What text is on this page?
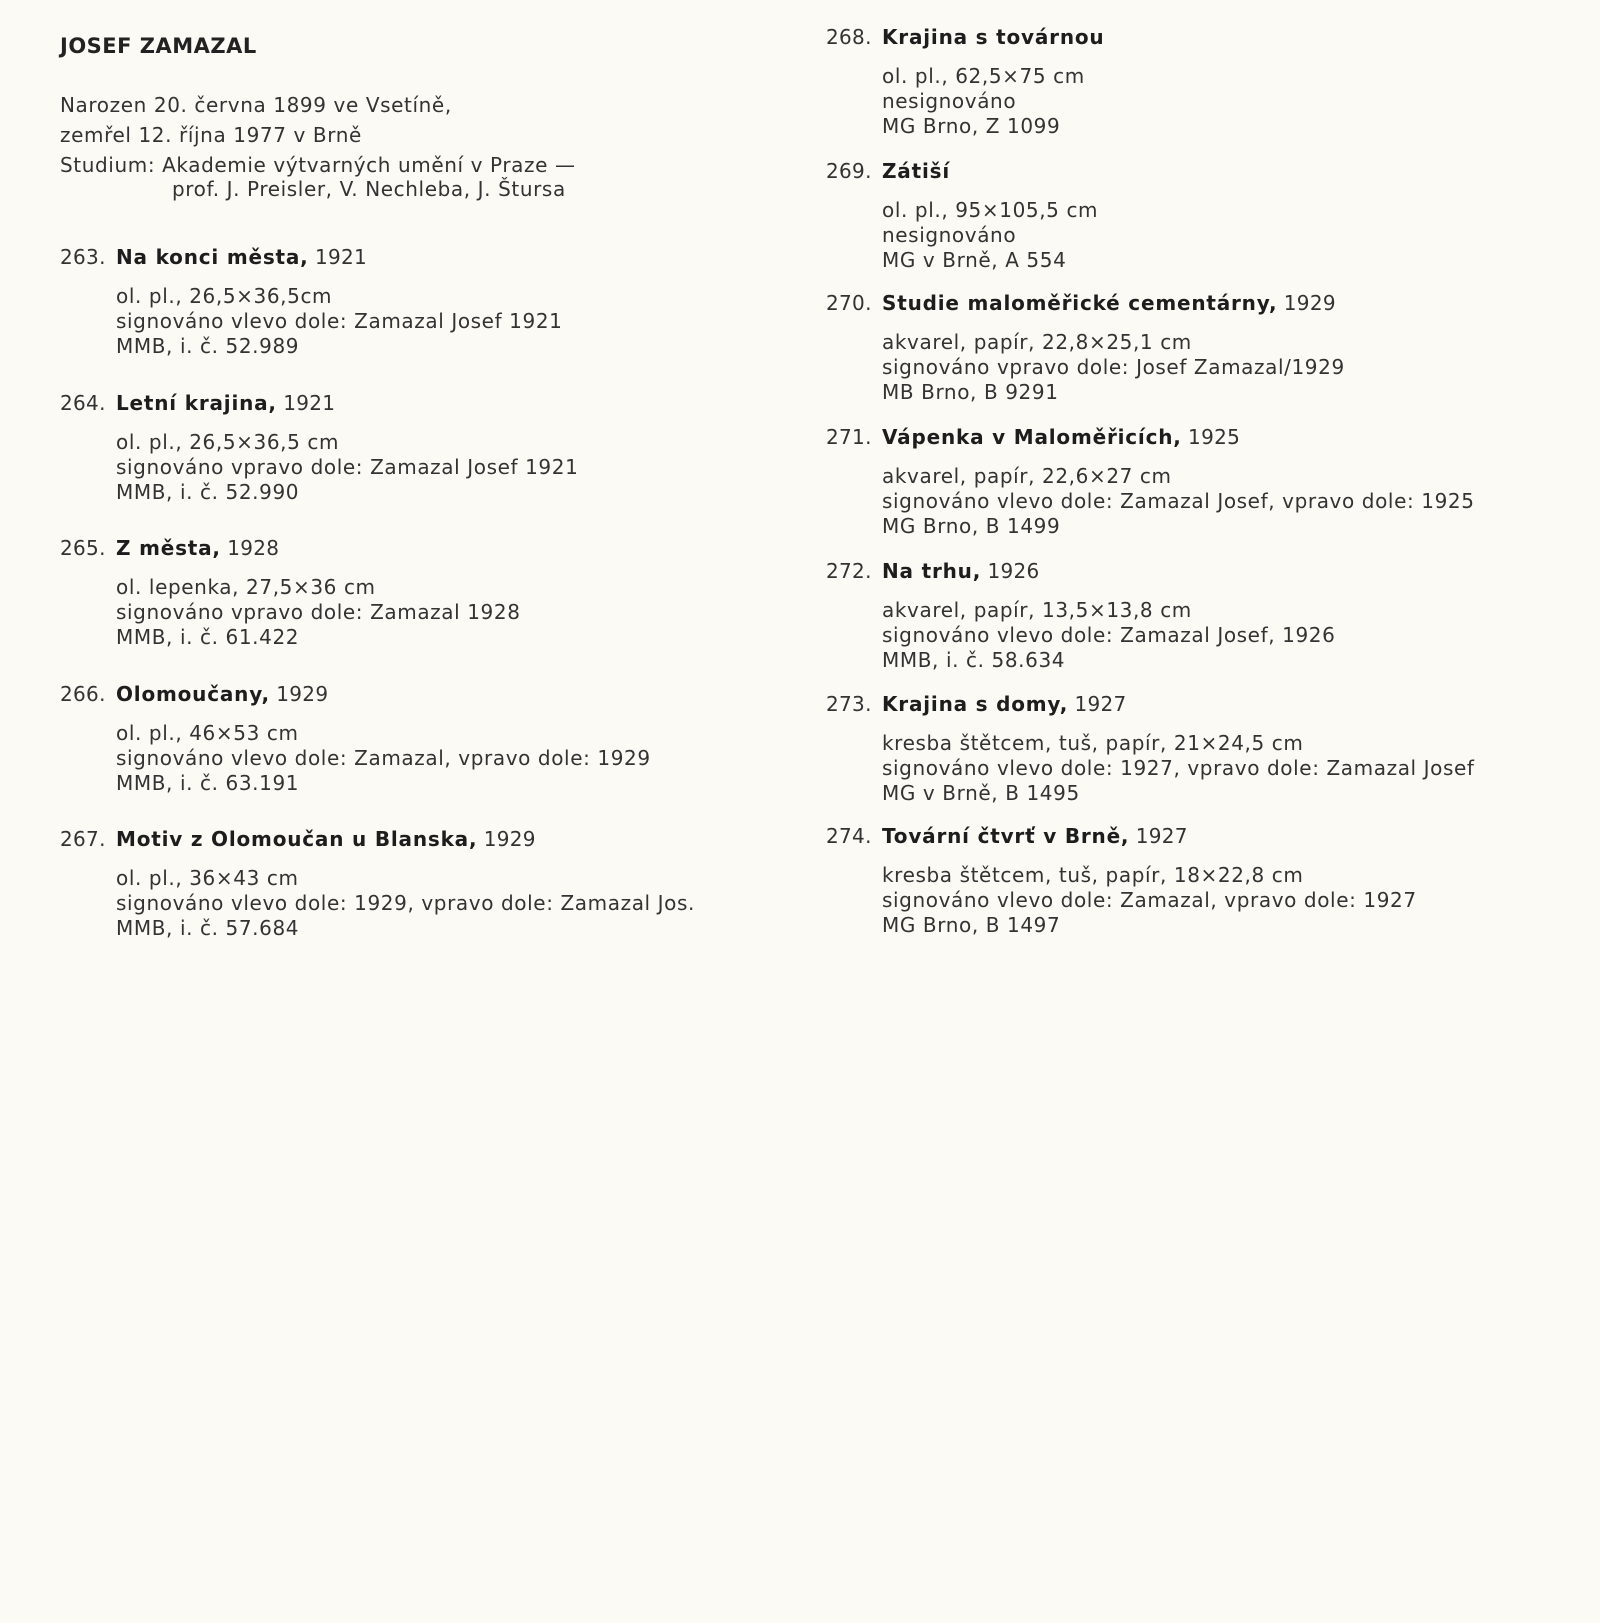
JOSEF ZAMAZAL
Narozen 20. června 1899 ve Vsetíně,
zemřel 12. října 1977 v Brně
Studium: Akademie výtvarných umění v Praze —
prof. J. Preisler, V. Nechleba, J. Štursa
263. Na konci města, 1921
ol. pl., 26,5×36,5cm
signováno vlevo dole: Zamazal Josef 1921
MMB, i. č. 52.989
264. Letní krajina, 1921
ol. pl., 26,5×36,5 cm
signováno vpravo dole: Zamazal Josef 1921
MMB, i. č. 52.990
265. Z města, 1928
ol. lepenka, 27,5×36 cm
signováno vpravo dole: Zamazal 1928
MMB, i. č. 61.422
266. Olomoučany, 1929
ol. pl., 46×53 cm
signováno vlevo dole: Zamazal, vpravo dole: 1929
MMB, i. č. 63.191
267. Motiv z Olomoučan u Blanska, 1929
ol. pl., 36×43 cm
signováno vlevo dole: 1929, vpravo dole: Zamazal Jos.
MMB, i. č. 57.684
268. Krajina s továrnou
ol. pl., 62,5×75 cm
nesignováno
MG Brno, Z 1099
269. Zátiší
ol. pl., 95×105,5 cm
nesignováno
MG v Brně, A 554
270. Studie maloměřické cementárny, 1929
akvarel, papír, 22,8×25,1 cm
signováno vpravo dole: Josef Zamazal/1929
MB Brno, B 9291
271. Vápenka v Maloměřicích, 1925
akvarel, papír, 22,6×27 cm
signováno vlevo dole: Zamazal Josef, vpravo dole: 1925
MG Brno, B 1499
272. Na trhu, 1926
akvarel, papír, 13,5×13,8 cm
signováno vlevo dole: Zamazal Josef, 1926
MMB, i. č. 58.634
273. Krajina s domy, 1927
kresba štětcem, tuš, papír, 21×24,5 cm
signováno vlevo dole: 1927, vpravo dole: Zamazal Josef
MG v Brně, B 1495
274. Tovární čtvrť v Brně, 1927
kresba štětcem, tuš, papír, 18×22,8 cm
signováno vlevo dole: Zamazal, vpravo dole: 1927
MG Brno, B 1497
